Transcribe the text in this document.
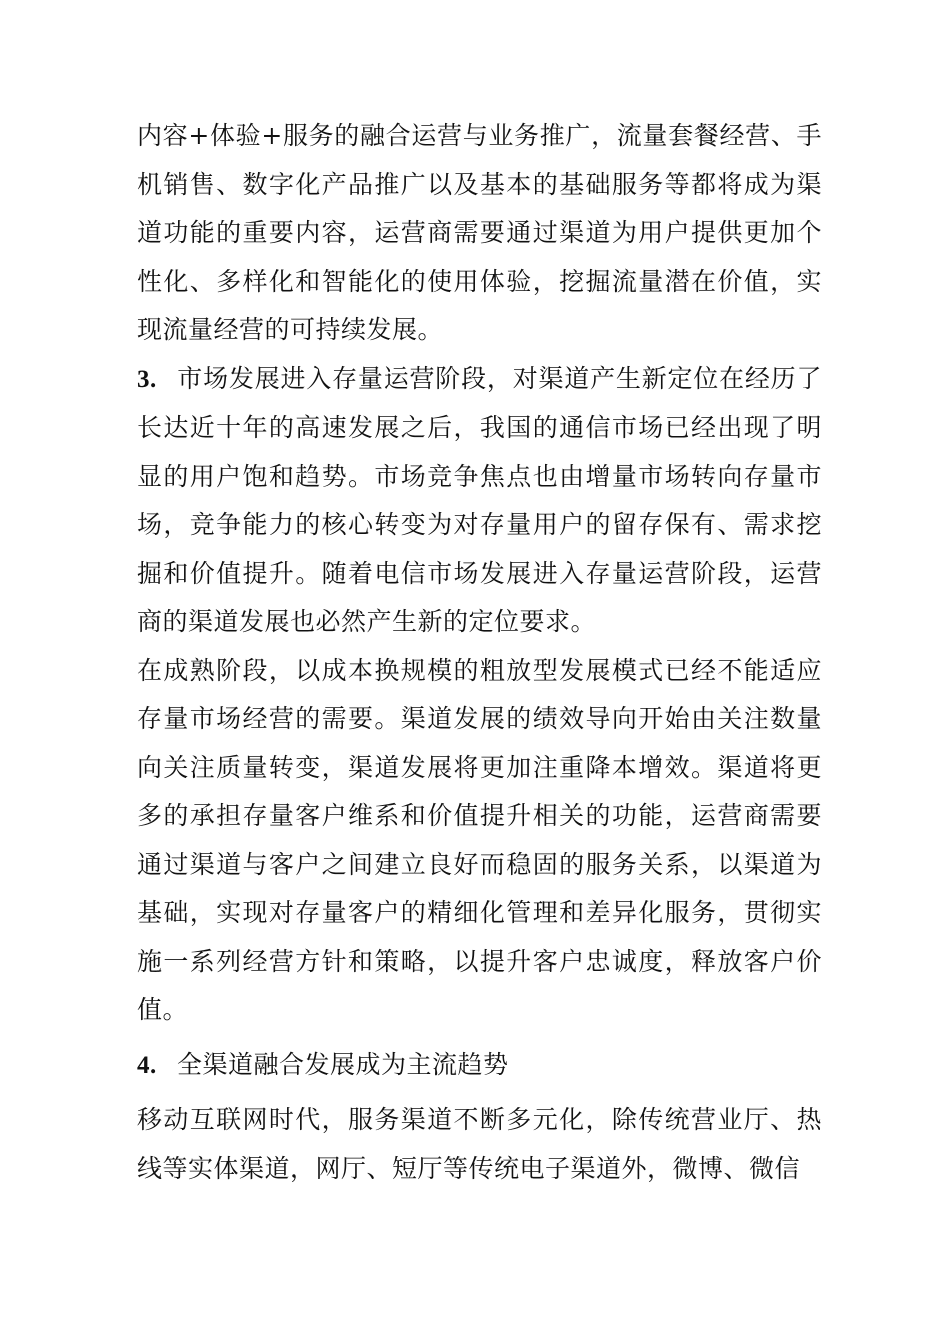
内容+体验+服务的融合运营与业务推广，流量套餐经营、手机销售、数字化产品推广以及基本的基础服务等都将成为渠道功能的重要内容，运营商需要通过渠道为用户提供更加个性化、多样化和智能化的使用体验，挖掘流量潜在价值，实现流量经营的可持续发展。

3. 市场发展进入存量运营阶段，对渠道产生新定位在经历了长达近十年的高速发展之后，我国的通信市场已经出现了明显的用户饱和趋势。市场竞争焦点也由增量市场转向存量市场，竞争能力的核心转变为对存量用户的留存保有、需求挖掘和价值提升。随着电信市场发展进入存量运营阶段，运营商的渠道发展也必然产生新的定位要求。

在成熟阶段，以成本换规模的粗放型发展模式已经不能适应存量市场经营的需要。渠道发展的绩效导向开始由关注数量向关注质量转变，渠道发展将更加注重降本增效。渠道将更多的承担存量客户维系和价值提升相关的功能，运营商需要通过渠道与客户之间建立良好而稳固的服务关系，以渠道为基础，实现对存量客户的精细化管理和差异化服务，贯彻实施一系列经营方针和策略，以提升客户忠诚度，释放客户价值。

4. 全渠道融合发展成为主流趋势

移动互联网时代，服务渠道不断多元化，除传统营业厅、热线等实体渠道，网厅、短厅等传统电子渠道外，微博、微信
